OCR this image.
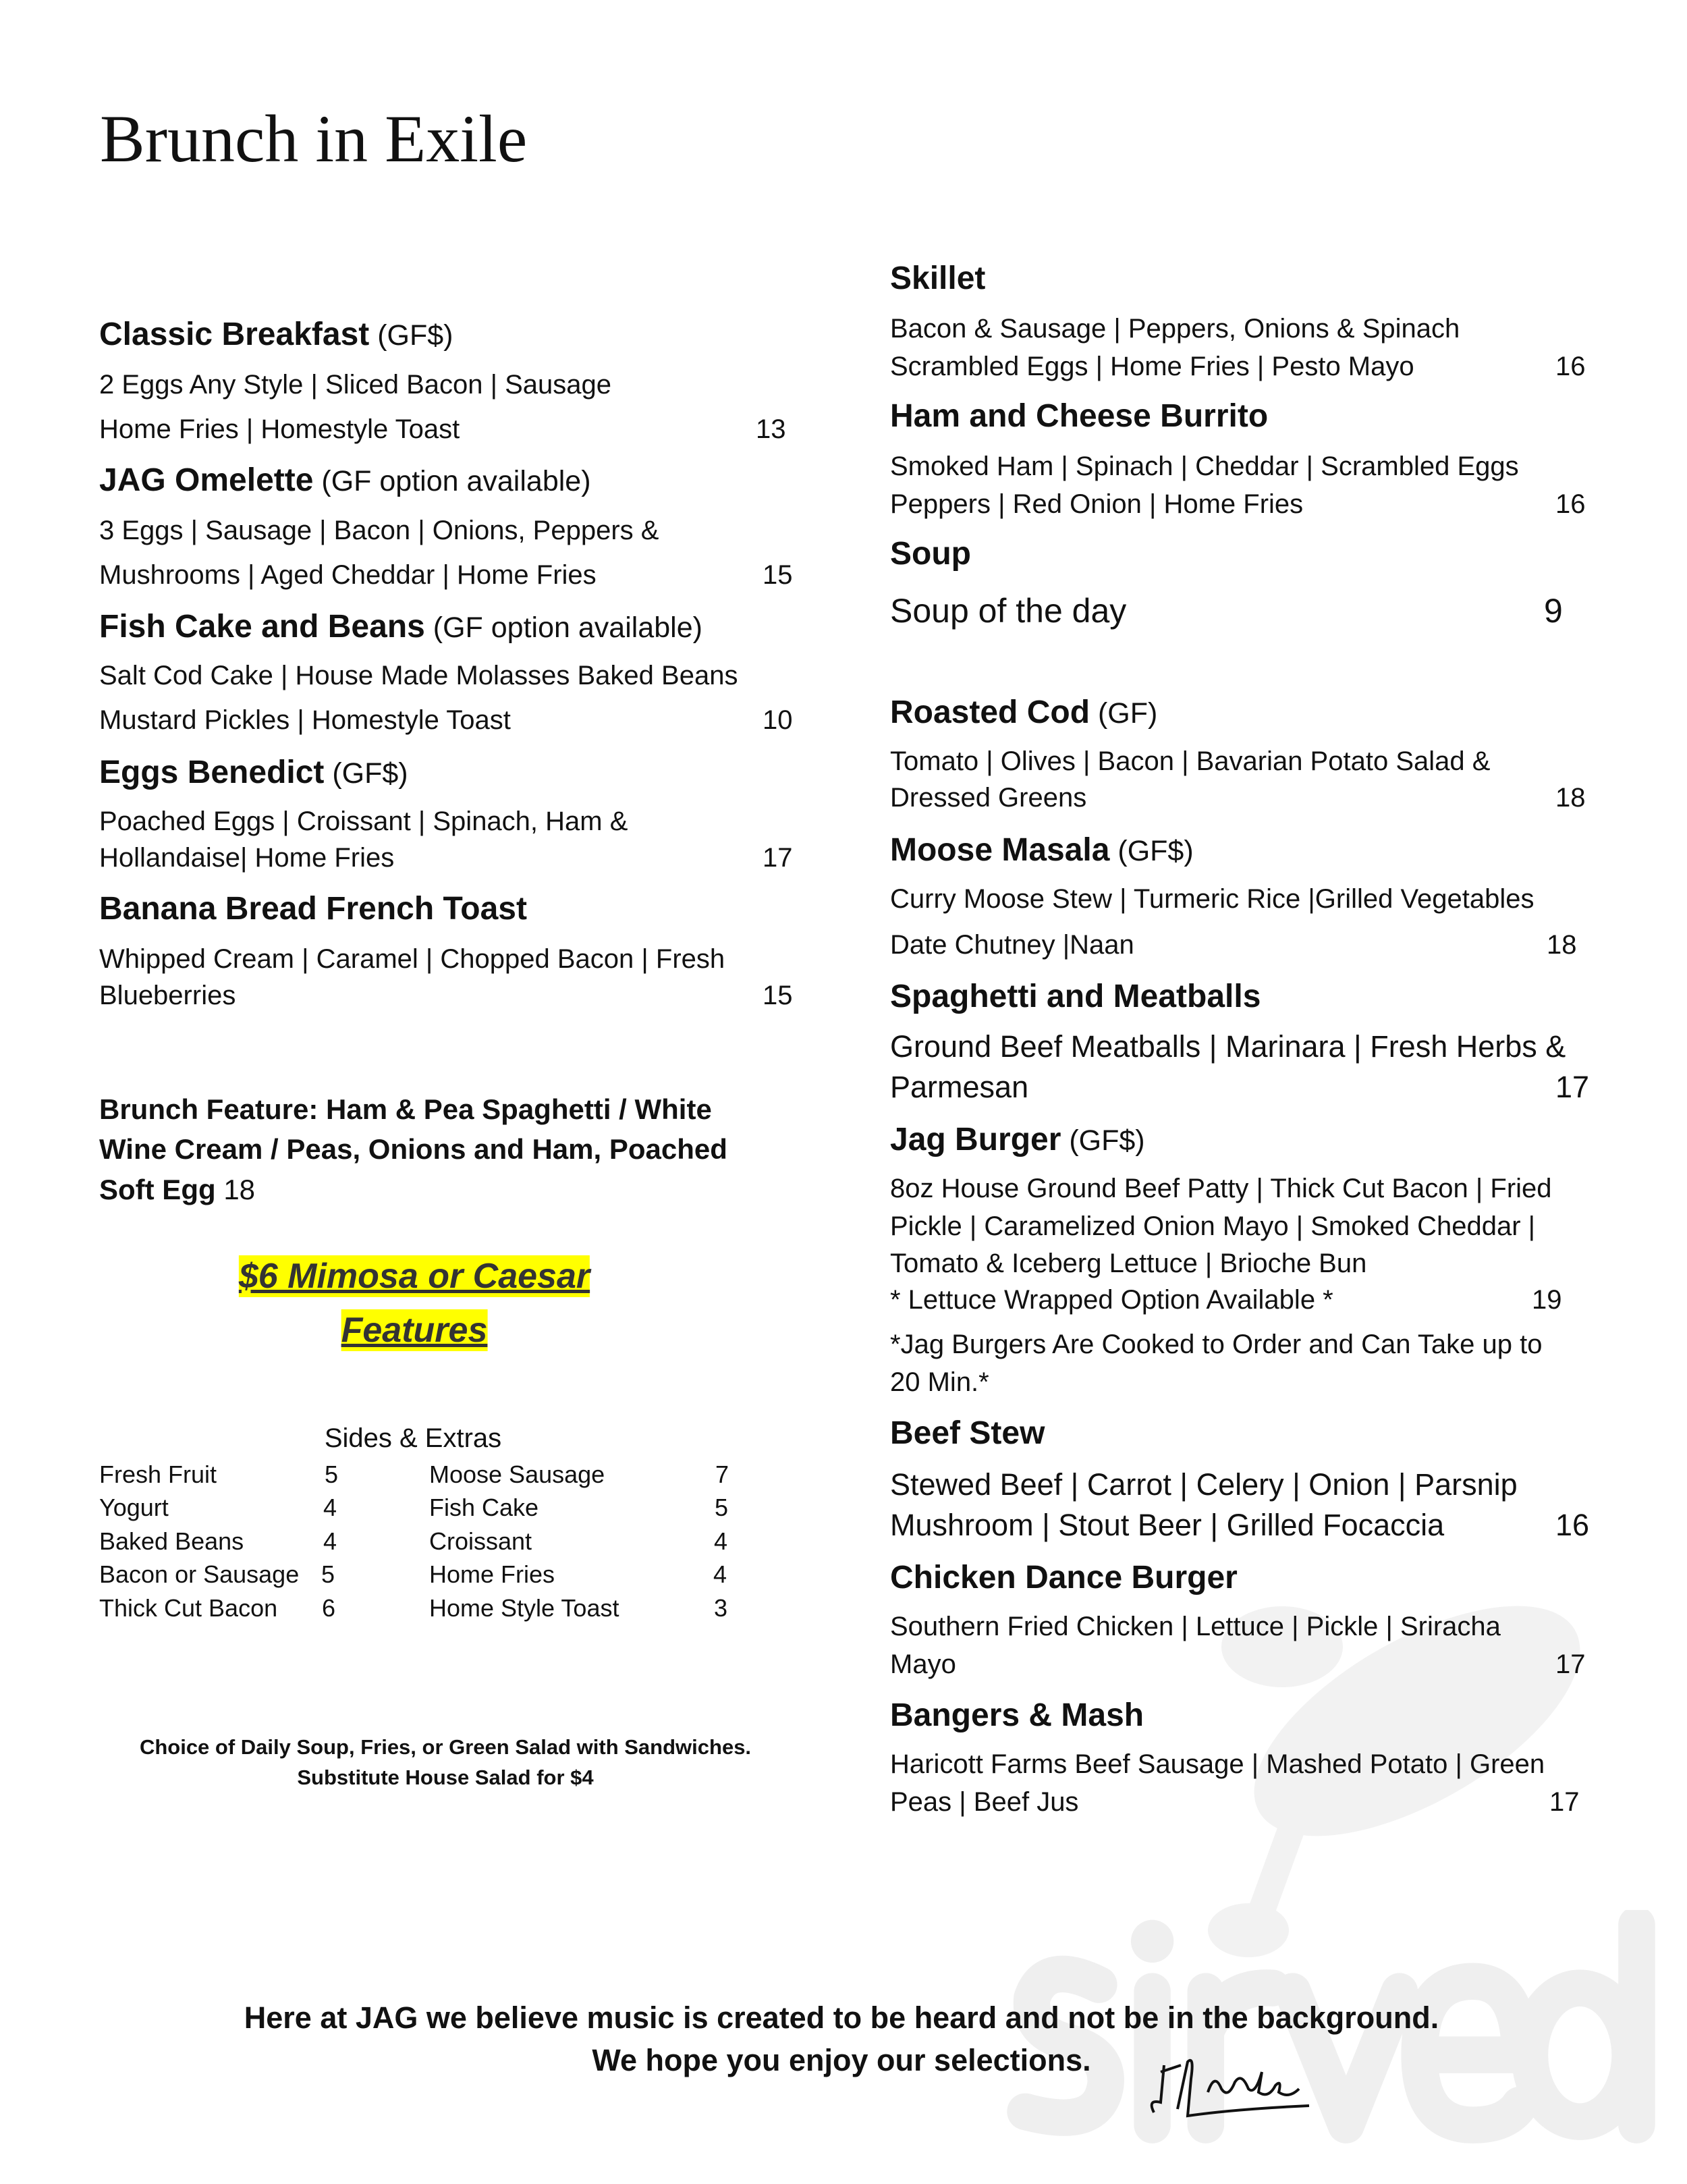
Brunch in Exile
Classic Breakfast (GF$)
2 Eggs Any Style | Sliced Bacon | Sausage
Home Fries | Homestyle Toast	13
JAG Omelette (GF option available)
3 Eggs | Sausage | Bacon | Onions, Peppers &
Mushrooms | Aged Cheddar | Home Fries	15
Fish Cake and Beans (GF option available)
Salt Cod Cake | House Made Molasses Baked Beans
Mustard Pickles | Homestyle Toast	10
Eggs Benedict (GF$)
Poached Eggs | Croissant | Spinach, Ham &
Hollandaise| Home Fries	17
Banana Bread French Toast
Whipped Cream | Caramel | Chopped Bacon | Fresh
Blueberries	15
Brunch Feature: Ham & Pea Spaghetti / White
Wine Cream / Peas, Onions and Ham, Poached
Soft Egg 18
$6 Mimosa or Caesar
Features
Sides & Extras
Fresh Fruit	5	Moose Sausage	7
Yogurt	4	Fish Cake	5
Baked Beans	4	Croissant	4
Bacon or Sausage 5	Home Fries	4
Thick Cut Bacon 6	Home Style Toast	3
Choice of Daily Soup, Fries, or Green Salad with Sandwiches.
Substitute House Salad for $4
Skillet
Bacon & Sausage | Peppers, Onions & Spinach
Scrambled Eggs | Home Fries | Pesto Mayo	16
Ham and Cheese Burrito
Smoked Ham | Spinach | Cheddar | Scrambled Eggs
Peppers | Red Onion | Home Fries	16
Soup
Soup of the day	9
Roasted Cod (GF)
Tomato | Olives | Bacon | Bavarian Potato Salad &
Dressed Greens	18
Moose Masala (GF$)
Curry Moose Stew | Turmeric Rice |Grilled Vegetables
Date Chutney |Naan	18
Spaghetti and Meatballs
Ground Beef Meatballs | Marinara | Fresh Herbs &
Parmesan	17
Jag Burger (GF$)
8oz House Ground Beef Patty | Thick Cut Bacon | Fried
Pickle | Caramelized Onion Mayo | Smoked Cheddar |
Tomato & Iceberg Lettuce | Brioche Bun
* Lettuce Wrapped Option Available *	19
*Jag Burgers Are Cooked to Order and Can Take up to
20 Min.*
Beef Stew
Stewed Beef | Carrot | Celery | Onion | Parsnip
Mushroom | Stout Beer | Grilled Focaccia	16
Chicken Dance Burger
Southern Fried Chicken | Lettuce | Pickle | Sriracha
Mayo	17
Bangers & Mash
Haricott Farms Beef Sausage | Mashed Potato | Green
Peas | Beef Jus	17
Here at JAG we believe music is created to be heard and not be in the background.
We hope you enjoy our selections.
